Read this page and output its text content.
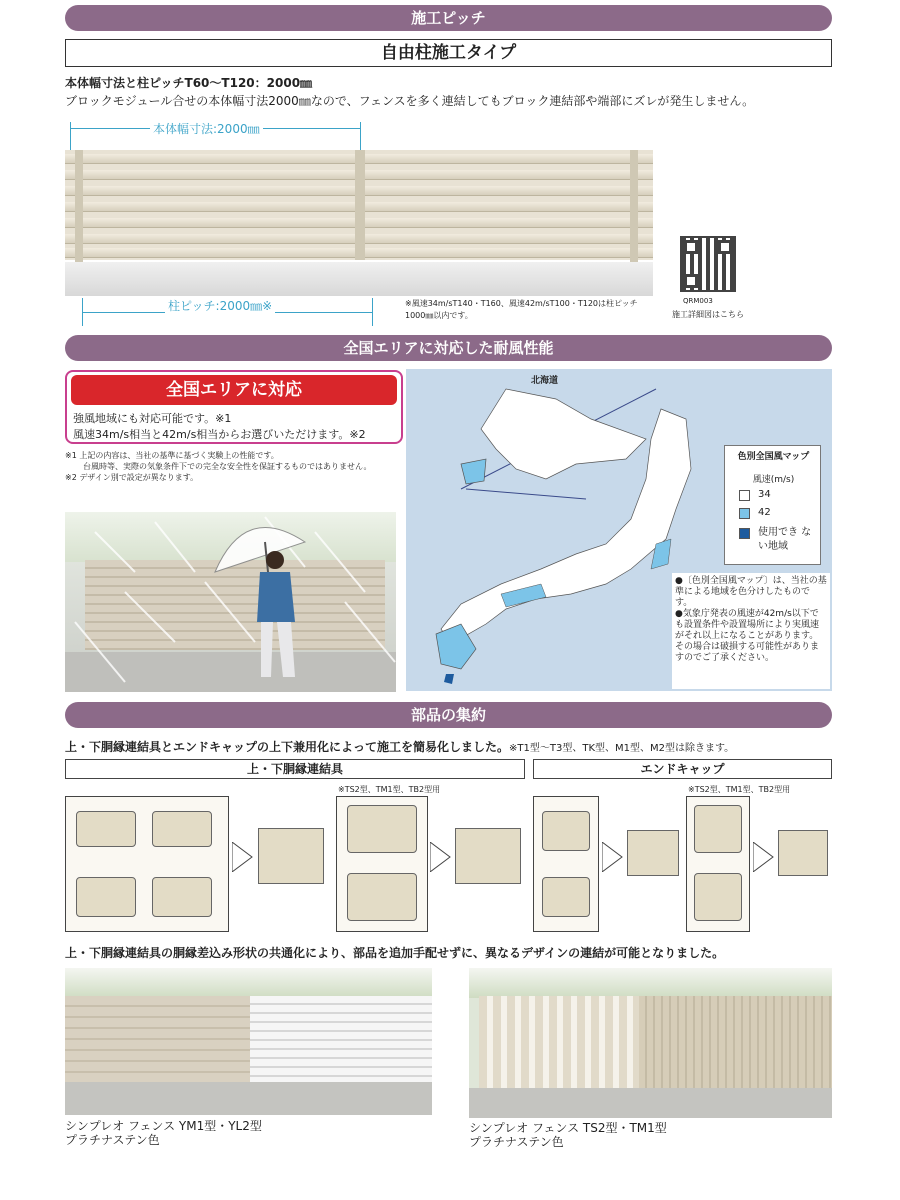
施工ピッチ
自由柱施工タイプ
本体幅寸法と柱ピッチT60～T120：2000㎜
ブロックモジュール合せの本体幅寸法2000㎜なので、フェンスを多く連結してもブロック連結部や端部にズレが発生しません。
本体幅寸法:2000㎜
柱ピッチ:2000㎜※	※風速34m/sT140・T160、風速42m/sT100・T120は柱ピッチ1000㎜以内です。
QRM003
施工詳細図はこちら
全国エリアに対応した耐風性能
全国エリアに対応
強風地域にも対応可能です。※1
風速34m/s相当と42m/s相当からお選びいただけます。※2
※1 上記の内容は、当社の基準に基づく実験上の性能です。
台風時等、実際の気象条件下での完全な安全性を保証するものではありません。
※2 デザイン別で設定が異なります。
北海道
色別全国風マップ
風速(m/s)
34
42
使用でき ない地域
●〔色別全国風マップ〕は、当社の基準による地域を色分けしたものです。
●気象庁発表の風速が42m/s以下でも設置条件や設置場所により実風速がそれ以上になることがあります。その場合は破損する可能性がありますのでご了承ください。
部品の集約
上・下胴縁連結具とエンドキャップの上下兼用化によって施工を簡易化しました。※T1型～T3型、TK型、M1型、M2型は除きます。
上・下胴縁連結具	エンドキャップ
※TS2型、TM1型、TB2型用	※TS2型、TM1型、TB2型用
上・下胴縁連結具の胴縁差込み形状の共通化により、部品を追加手配せずに、異なるデザインの連結が可能となりました。
シンプレオ フェンス YM1型・YL2型
プラチナステン色
シンプレオ フェンス TS2型・TM1型
プラチナステン色
